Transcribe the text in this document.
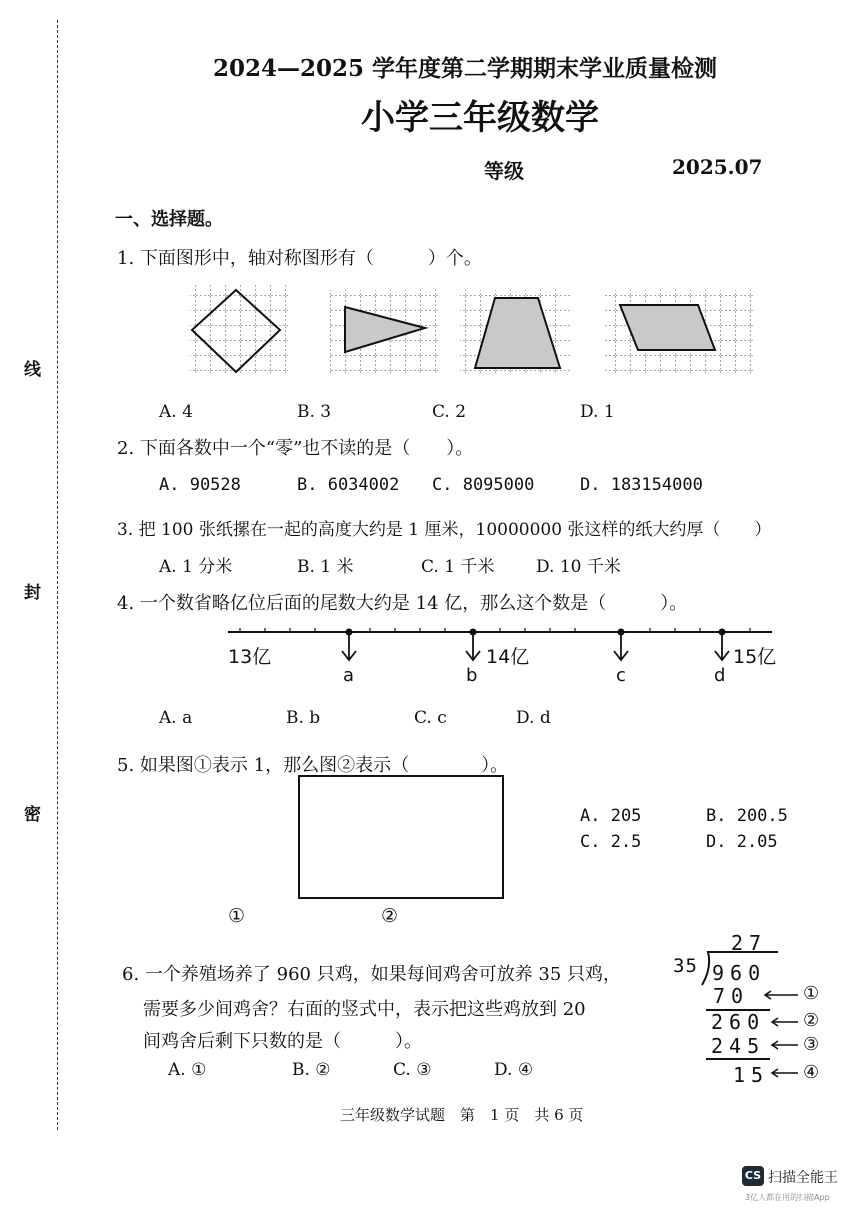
线
封
密
2024—2025 学年度第二学期期末学业质量检测
小学三年级数学
等级	2025.07
一、选择题。
1. 下面图形中，轴对称图形有（　　　）个。
A. 4	B. 3	C. 2	D. 1
2. 下面各数中一个“零”也不读的是（　　）。
A. 90528	B. 6034002 C. 8095000	D. 183154000
3. 把 100 张纸摞在一起的高度大约是 1 厘米，10000000 张这样的纸大约厚（　　）
A. 1 分米	B. 1 米	C. 1 千米 D. 10 千米
4. 一个数省略亿位后面的尾数大约是 14 亿，那么这个数是（　　　）。
13亿	14亿	15亿
a	b	c	d
A. a	B. b	C. c	D. d
5. 如果图①表示 1，那么图②表示（　　　　）。
①	②
A. 205	B. 200.5
C. 2.5	D. 2.05
6. 一个养殖场养了 960 只鸡，如果每间鸡舍可放养 35 只鸡，
需要多少间鸡舍？右面的竖式中，表示把这些鸡放到 20
间鸡舍后剩下只数的是（　　　）。
A. ①	B. ②	C. ③	D. ④
27
35 960
70
260
245
15
①
②
③
④
三年级数学试题　第　1 页　共 6 页
CS 扫描全能王
3亿人都在用的扫描App
